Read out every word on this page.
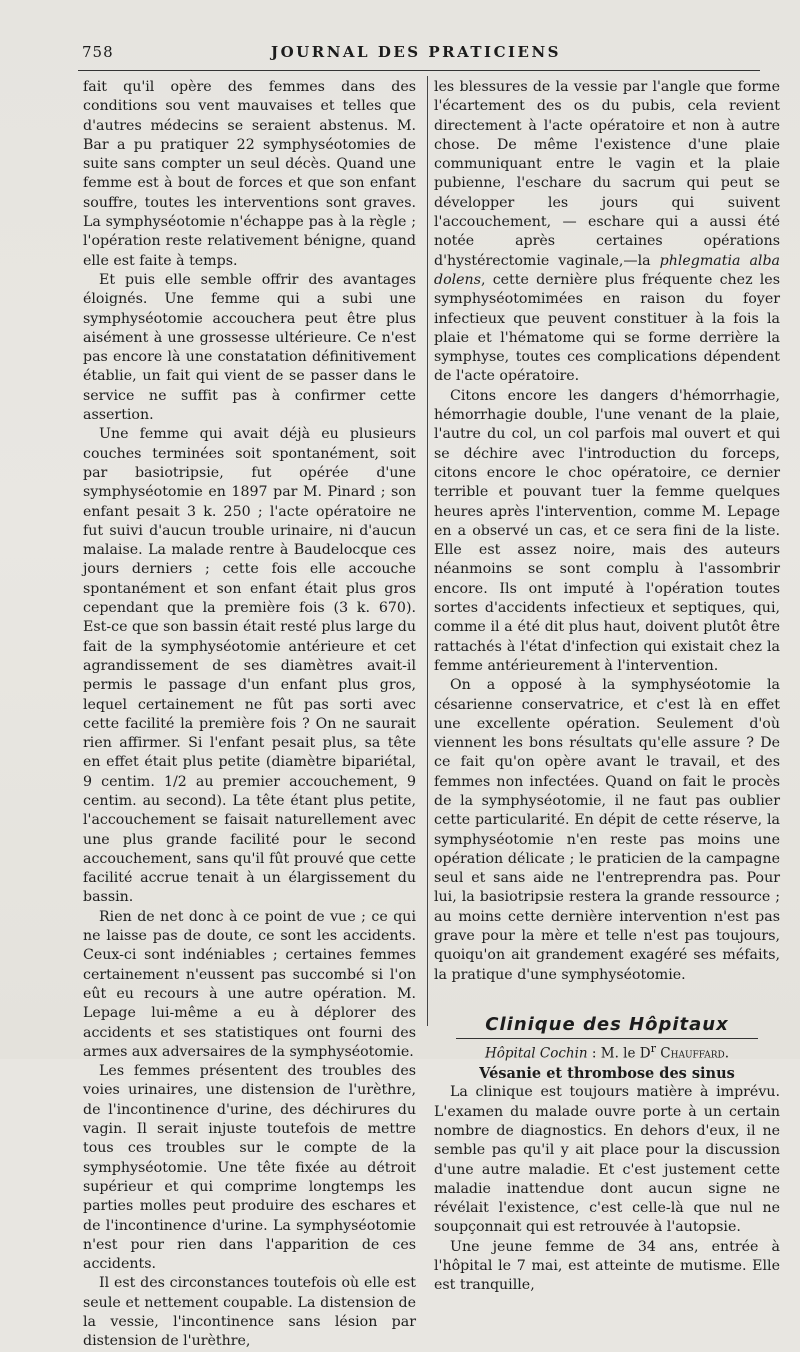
758	JOURNAL DES PRATICIENS

fait qu'il opère des femmes dans des conditions sou vent mauvaises et telles que d'autres médecins se seraient abstenus. M. Bar a pu pratiquer 22 symphyséotomies de suite sans compter un seul décès. Quand une femme est à bout de forces et que son enfant souffre, toutes les interventions sont graves. La symphyséotomie n'échappe pas à la règle ; l'opération reste relativement bénigne, quand elle est faite à temps.

Et puis elle semble offrir des avantages éloignés. Une femme qui a subi une symphyséotomie accouchera peut être plus aisément à une grossesse ultérieure. Ce n'est pas encore là une constatation définitivement établie, un fait qui vient de se passer dans le service ne suffit pas à confirmer cette assertion.

Une femme qui avait déjà eu plusieurs couches terminées soit spontanément, soit par basiotripsie, fut opérée d'une symphyséotomie en 1897 par M. Pinard ; son enfant pesait 3 k. 250 ; l'acte opératoire ne fut suivi d'aucun trouble urinaire, ni d'aucun malaise. La malade rentre à Baudelocque ces jours derniers ; cette fois elle accouche spontanément et son enfant était plus gros cependant que la première fois (3 k. 670). Est-ce que son bassin était resté plus large du fait de la symphyséotomie antérieure et cet agrandissement de ses diamètres avait-il permis le passage d'un enfant plus gros, lequel certainement ne fût pas sorti avec cette facilité la première fois ? On ne saurait rien affirmer. Si l'enfant pesait plus, sa tête en effet était plus petite (diamètre bipariétal, 9 centim. 1/2 au premier accouchement, 9 centim. au second). La tête étant plus petite, l'accouchement se faisait naturellement avec une plus grande facilité pour le second accouchement, sans qu'il fût prouvé que cette facilité accrue tenait à un élargissement du bassin.

Rien de net donc à ce point de vue ; ce qui ne laisse pas de doute, ce sont les accidents. Ceux-ci sont indéniables ; certaines femmes certainement n'eussent pas succombé si l'on eût eu recours à une autre opération. M. Lepage lui-même a eu à déplorer des accidents et ses statistiques ont fourni des armes aux adversaires de la symphyséotomie.

Les femmes présentent des troubles des voies urinaires, une distension de l'urèthre, de l'incontinence d'urine, des déchirures du vagin. Il serait injuste toutefois de mettre tous ces troubles sur le compte de la symphyséotomie. Une tête fixée au détroit supérieur et qui comprime longtemps les parties molles peut produire des eschares et de l'incontinence d'urine. La symphyséotomie n'est pour rien dans l'apparition de ces accidents.

Il est des circonstances toutefois où elle est seule et nettement coupable. La distension de la vessie, l'incontinence sans lésion par distension de l'urèthre,

les blessures de la vessie par l'angle que forme l'écartement des os du pubis, cela revient directement à l'acte opératoire et non à autre chose. De même l'existence d'une plaie communiquant entre le vagin et la plaie pubienne, l'eschare du sacrum qui peut se développer les jours qui suivent l'accouchement, — eschare qui a aussi été notée après certaines opérations d'hystérectomie vaginale,—la phlegmatia alba dolens, cette dernière plus fréquente chez les symphyséotomimées en raison du foyer infectieux que peuvent constituer à la fois la plaie et l'hématome qui se forme derrière la symphyse, toutes ces complications dépendent de l'acte opératoire.

Citons encore les dangers d'hémorrhagie, hémorrhagie double, l'une venant de la plaie, l'autre du col, un col parfois mal ouvert et qui se déchire avec l'introduction du forceps, citons encore le choc opératoire, ce dernier terrible et pouvant tuer la femme quelques heures après l'intervention, comme M. Lepage en a observé un cas, et ce sera fini de la liste. Elle est assez noire, mais des auteurs néanmoins se sont complu à l'assombrir encore. Ils ont imputé à l'opération toutes sortes d'accidents infectieux et septiques, qui, comme il a été dit plus haut, doivent plutôt être rattachés à l'état d'infection qui existait chez la femme antérieurement à l'intervention.

On a opposé à la symphyséotomie la césarienne conservatrice, et c'est là en effet une excellente opération. Seulement d'où viennent les bons résultats qu'elle assure ? De ce fait qu'on opère avant le travail, et des femmes non infectées. Quand on fait le procès de la symphyséotomie, il ne faut pas oublier cette particularité. En dépit de cette réserve, la symphyséotomie n'en reste pas moins une opération délicate ; le praticien de la campagne seul et sans aide ne l'entreprendra pas. Pour lui, la basiotripsie restera la grande ressource ; au moins cette dernière intervention n'est pas grave pour la mère et telle n'est pas toujours, quoiqu'on ait grandement exagéré ses méfaits, la pratique d'une symphyséotomie.

Clinique des Hôpitaux

Hôpital Cochin : M. le $D^r$ Chauffard.

Vésanie et thrombose des sinus

La clinique est toujours matière à imprévu. L'examen du malade ouvre porte à un certain nombre de diagnostics. En dehors d'eux, il ne semble pas qu'il y ait place pour la discussion d'une autre maladie. Et c'est justement cette maladie inattendue dont aucun signe ne révélait l'existence, c'est celle-là que nul ne soupçonnait qui est retrouvée à l'autopsie.

Une jeune femme de 34 ans, entrée à l'hôpital le 7 mai, est atteinte de mutisme. Elle est tranquille,
